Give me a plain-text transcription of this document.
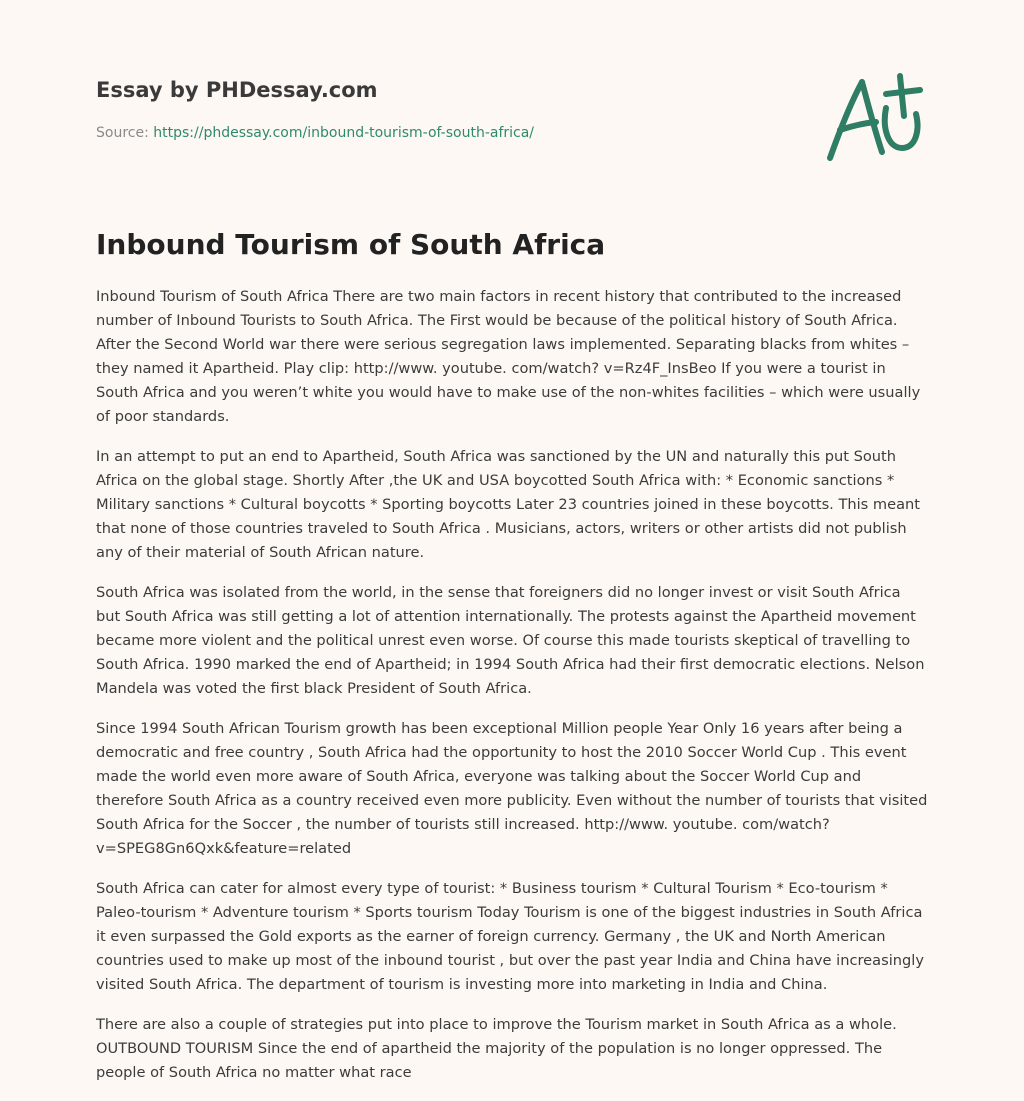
Essay by PHDessay.com
Source: https://phdessay.com/inbound-tourism-of-south-africa/
Inbound Tourism of South Africa

Inbound Tourism of South Africa There are two main factors in recent history that contributed to the increased number of Inbound Tourists to South Africa. The First would be because of the political history of South Africa. After the Second World war there were serious segregation laws implemented. Separating blacks from whites – they named it Apartheid. Play clip: http://www. youtube. com/watch? v=Rz4F_InsBeo If you were a tourist in South Africa and you weren’t white you would have to make use of the non-whites facilities – which were usually of poor standards.

In an attempt to put an end to Apartheid, South Africa was sanctioned by the UN and naturally this put South Africa on the global stage. Shortly After ,the UK and USA boycotted South Africa with: * Economic sanctions * Military sanctions * Cultural boycotts * Sporting boycotts Later 23 countries joined in these boycotts. This meant that none of those countries traveled to South Africa . Musicians, actors, writers or other artists did not publish any of their material of South African nature.

South Africa was isolated from the world, in the sense that foreigners did no longer invest or visit South Africa but South Africa was still getting a lot of attention internationally. The protests against the Apartheid movement became more violent and the political unrest even worse. Of course this made tourists skeptical of travelling to South Africa. 1990 marked the end of Apartheid; in 1994 South Africa had their first democratic elections. Nelson Mandela was voted the first black President of South Africa.

Since 1994 South African Tourism growth has been exceptional Million people Year Only 16 years after being a democratic and free country , South Africa had the opportunity to host the 2010 Soccer World Cup . This event made the world even more aware of South Africa, everyone was talking about the Soccer World Cup and therefore South Africa as a country received even more publicity. Even without the number of tourists that visited South Africa for the Soccer , the number of tourists still increased. http://www. youtube. com/watch? v=SPEG8Gn6Qxk&feature=related

South Africa can cater for almost every type of tourist: * Business tourism * Cultural Tourism * Eco-tourism * Paleo-tourism * Adventure tourism * Sports tourism Today Tourism is one of the biggest industries in South Africa it even surpassed the Gold exports as the earner of foreign currency. Germany , the UK and North American countries used to make up most of the inbound tourist , but over the past year India and China have increasingly visited South Africa. The department of tourism is investing more into marketing in India and China.

There are also a couple of strategies put into place to improve the Tourism market in South Africa as a whole. OUTBOUND TOURISM Since the end of apartheid the majority of the population is no longer oppressed. The people of South Africa no matter what race
